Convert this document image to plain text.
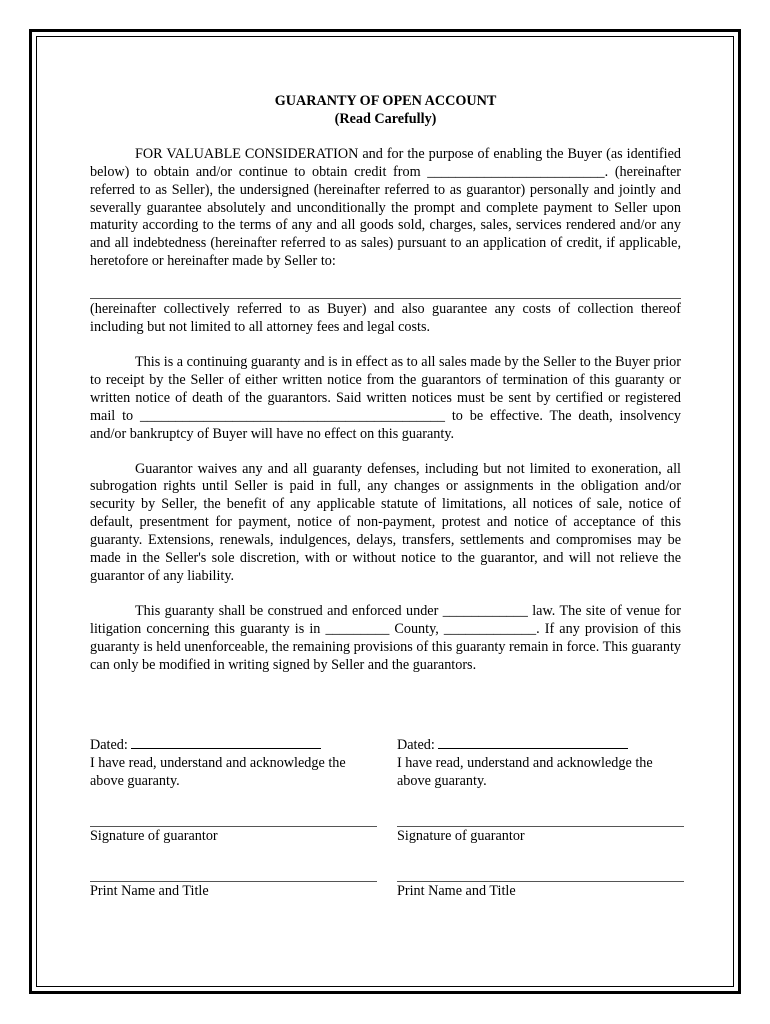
GUARANTY OF OPEN ACCOUNT

(Read Carefully)

FOR VALUABLE CONSIDERATION and for the purpose of enabling the Buyer (as identified below) to obtain and/or continue to obtain credit from _________________________. (hereinafter referred to as Seller), the undersigned (hereinafter referred to as guarantor) personally and jointly and severally guarantee absolutely and unconditionally the prompt and complete payment to Seller upon maturity according to the terms of any and all goods sold, charges, sales, services rendered and/or any and all indebtedness (hereinafter referred to as sales) pursuant to an application of credit, if applicable, heretofore or hereinafter made by Seller to:

(hereinafter collectively referred to as Buyer) and also guarantee any costs of collection thereof including but not limited to all attorney fees and legal costs.

This is a continuing guaranty and is in effect as to all sales made by the Seller to the Buyer prior to receipt by the Seller of either written notice from the guarantors of termination of this guaranty or written notice of death of the guarantors. Said written notices must be sent by certified or registered mail to ___________________________________________ to be effective. The death, insolvency and/or bankruptcy of Buyer will have no effect on this guaranty.

Guarantor waives any and all guaranty defenses, including but not limited to exoneration, all subrogation rights until Seller is paid in full, any changes or assignments in the obligation and/or security by Seller, the benefit of any applicable statute of limitations, all notices of sale, notice of default, presentment for payment, notice of non-payment, protest and notice of acceptance of this guaranty. Extensions, renewals, indulgences, delays, transfers, settlements and compromises may be made in the Seller's sole discretion, with or without notice to the guarantor, and will not relieve the guarantor of any liability.

This guaranty shall be construed and enforced under ____________ law. The site of venue for litigation concerning this guaranty is in _________ County, _____________. If any provision of this guaranty is held unenforceable, the remaining provisions of this guaranty remain in force. This guaranty can only be modified in writing signed by Seller and the guarantors.

Dated:
I have read, understand and acknowledge the above guaranty.
Signature of guarantor
Print Name and Title
Dated:
I have read, understand and acknowledge the above guaranty.
Signature of guarantor
Print Name and Title
